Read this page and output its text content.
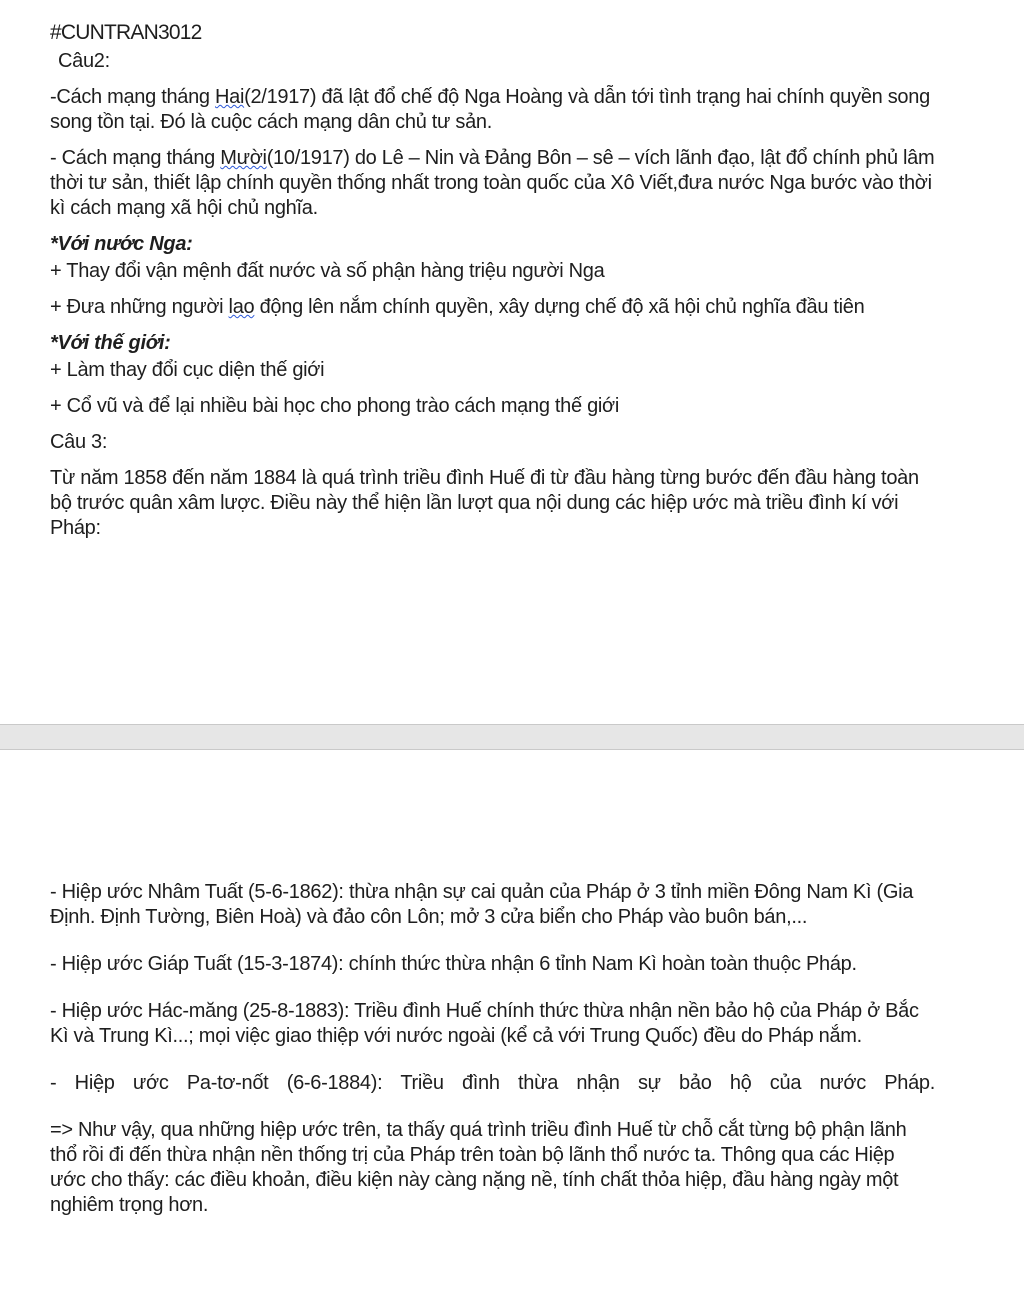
#CUNTRAN3012

Câu2:

-Cách mạng tháng Hai(2/1917) đã lật đổ chế độ Nga Hoàng và dẫn tới tình trạng hai chính quyền song song tồn tại. Đó là cuộc cách mạng dân chủ tư sản.

- Cách mạng tháng Mười(10/1917) do Lê – Nin và Đảng Bôn – sê – vích lãnh đạo, lật đổ chính phủ lâm thời tư sản, thiết lập chính quyền thống nhất trong toàn quốc của Xô Viết,đưa nước Nga bước vào thời kì cách mạng xã hội chủ nghĩa.

*Với nước Nga:

+ Thay đổi vận mệnh đất nước và số phận hàng triệu người Nga

+ Đưa những người lao động lên nắm chính quyền, xây dựng chế độ xã hội chủ nghĩa đầu tiên

*Với thế giới:

+ Làm thay đổi cục diện thế giới

+ Cổ vũ và để lại nhiều bài học cho phong trào cách mạng thế giới

Câu 3:

Từ năm 1858 đến năm 1884 là quá trình triều đình Huế đi từ đầu hàng từng bước đến đầu hàng toàn bộ trước quân xâm lược. Điều này thể hiện lần lượt qua nội dung các hiệp ước mà triều đình kí với Pháp:

- Hiệp ước Nhâm Tuất (5-6-1862): thừa nhận sự cai quản của Pháp ở 3 tỉnh miền Đông Nam Kì (Gia Định. Định Tường, Biên Hoà) và đảo côn Lôn; mở 3 cửa biển cho Pháp vào buôn bán,...

- Hiệp ước Giáp Tuất (15-3-1874): chính thức thừa nhận 6 tỉnh Nam Kì hoàn toàn thuộc Pháp.

- Hiệp ước Hác-măng (25-8-1883): Triều đình Huế chính thức thừa nhận nền bảo hộ của Pháp ở Bắc Kì và Trung Kì...; mọi việc giao thiệp với nước ngoài (kể cả với Trung Quốc) đều do Pháp nắm.

- Hiệp ước Pa-tơ-nốt (6-6-1884): Triều đình thừa nhận sự bảo hộ của nước Pháp.

=> Như vậy, qua những hiệp ước trên, ta thấy quá trình triều đình Huế từ chỗ cắt từng bộ phận lãnh thổ rồi đi đến thừa nhận nền thống trị của Pháp trên toàn bộ lãnh thổ nước ta. Thông qua các Hiệp ước cho thấy: các điều khoản, điều kiện này càng nặng nề, tính chất thỏa hiệp, đầu hàng ngày một nghiêm trọng hơn.
